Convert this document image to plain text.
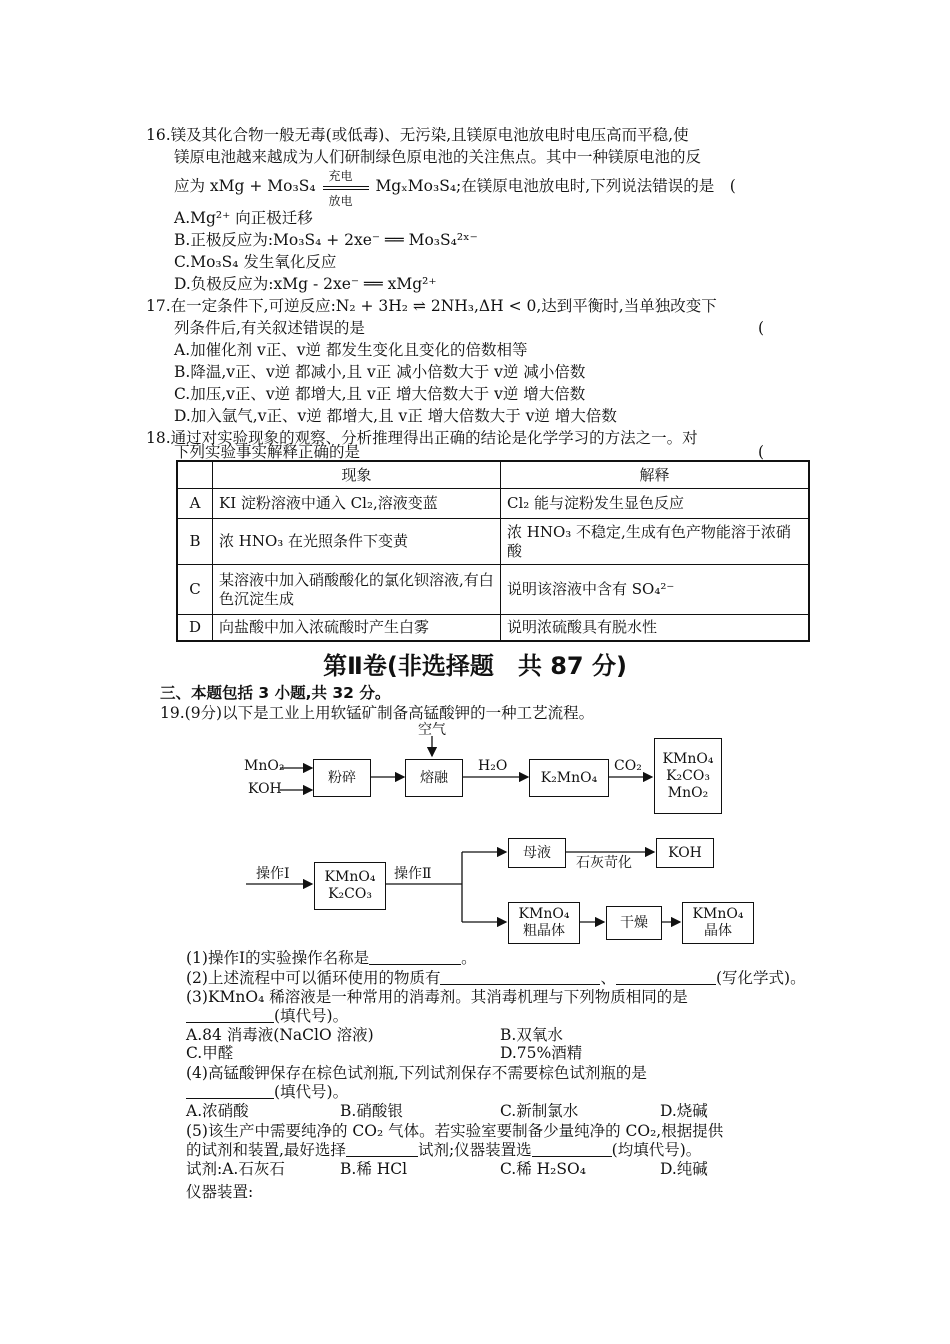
16.镁及其化合物一般无毒(或低毒)、无污染,且镁原电池放电时电压高而平稳,使
镁原电池越来越成为人们研制绿色原电池的关注焦点。其中一种镁原电池的反
应为 xMg + Mo₃S₄
充电
放电
MgₓMo₃S₄;在镁原电池放电时,下列说法错误的是　(
A.Mg²⁺ 向正极迁移
B.正极反应为:Mo₃S₄ + 2xe⁻ ══ Mo₃S₄²ˣ⁻
C.Mo₃S₄ 发生氧化反应
D.负极反应为:xMg - 2xe⁻ ══ xMg²⁺
17.在一定条件下,可逆反应:N₂ + 3H₂ ⇌ 2NH₃,ΔH < 0,达到平衡时,当单独改变下
列条件后,有关叙述错误的是	(
A.加催化剂 v正、v逆 都发生变化且变化的倍数相等
B.降温,v正、v逆 都减小,且 v正 减小倍数大于 v逆 减小倍数
C.加压,v正、v逆 都增大,且 v正 增大倍数大于 v逆 增大倍数
D.加入氩气,v正、v逆 都增大,且 v正 增大倍数大于 v逆 增大倍数
18.通过对实验现象的观察、分析推理得出正确的结论是化学学习的方法之一。对
下列实验事实解释正确的是	(
	现象	解释
A	KI 淀粉溶液中通入 Cl₂,溶液变蓝	Cl₂ 能与淀粉发生显色反应
B	浓 HNO₃ 在光照条件下变黄	浓 HNO₃ 不稳定,生成有色产物能溶于浓硝酸
C	某溶液中加入硝酸酸化的氯化钡溶液,有白色沉淀生成	说明该溶液中含有 SO₄²⁻
D	向盐酸中加入浓硫酸时产生白雾	说明浓硫酸具有脱水性
第Ⅱ卷(非选择题　共 87 分)
三、本题包括 3 小题,共 32 分。
19.(9分)以下是工业上用软锰矿制备高锰酸钾的一种工艺流程。
MnO₂
KOH
空气
粉碎	熔融
H₂O
K₂MnO₄
CO₂ KMnO₄
K₂CO₃
MnO₂
操作Ⅰ	KMnO₄
K₂CO₃
操作Ⅱ
母液
石灰苛化
KOH
KMnO₄
粗晶体
干燥
KMnO₄
晶体
(1)操作Ⅰ的实验操作名称是	。
(2)上述流程中可以循环使用的物质有	、	(写化学式)。
(3)KMnO₄ 稀溶液是一种常用的消毒剂。其消毒机理与下列物质相同的是
(填代号)。
A.84 消毒液(NaClO 溶液)	B.双氧水
C.甲醛	D.75%酒精
(4)高锰酸钾保存在棕色试剂瓶,下列试剂保存不需要棕色试剂瓶的是
(填代号)。
A.浓硝酸	B.硝酸银	C.新制氯水	D.烧碱
(5)该生产中需要纯净的 CO₂ 气体。若实验室要制备少量纯净的 CO₂,根据提供
的试剂和装置,最好选择	试剂;仪器装置选	(均填代号)。
试剂:A.石灰石	B.稀 HCl	C.稀 H₂SO₄	D.纯碱
仪器装置:
